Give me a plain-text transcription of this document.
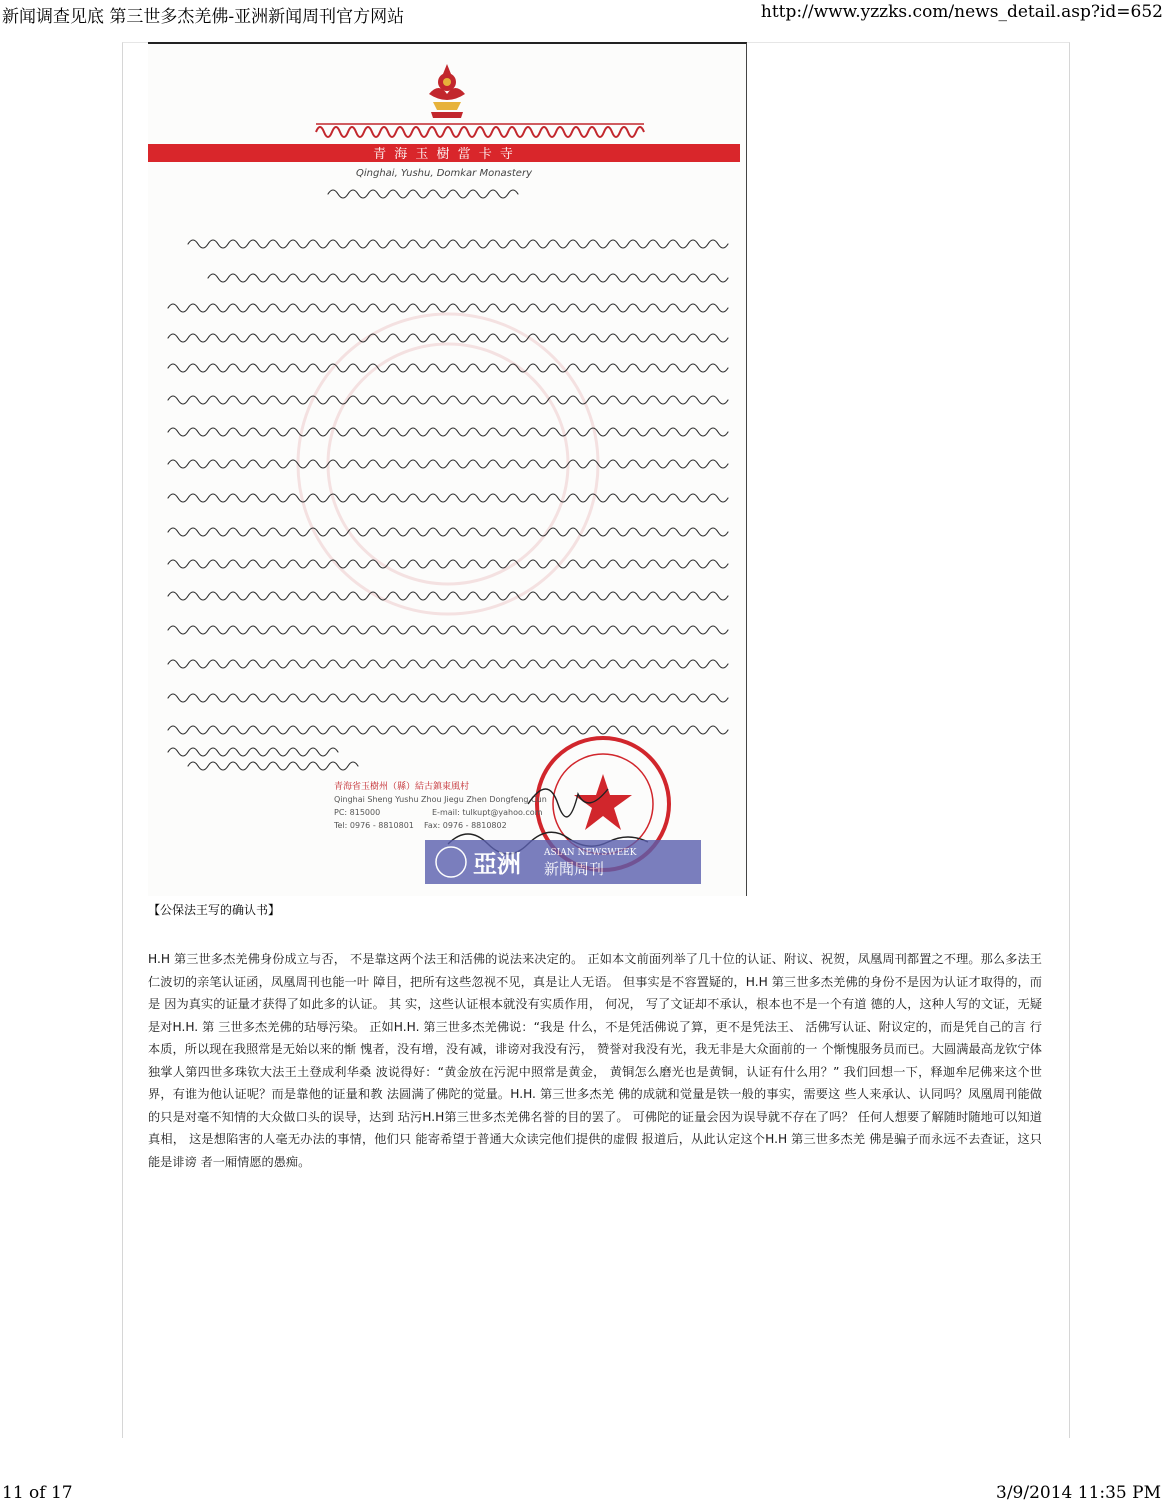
新闻调查见底 第三世多杰羌佛-亚洲新闻周刊官方网站	http://www.yzzks.com/news_detail.asp?id=652
青 海 玉 樹 當 卡 寺
Qinghai, Yushu, Domkar Monastery
青海省玉樹州（縣）結古鎮東風村
Qinghai Sheng Yushu Zhou Jiegu Zhen Dongfeng Cun
PC: 815000	E-mail: tulkupt@yahoo.com
Tel: 0976 - 8810801 Fax: 0976 - 8810802
亞洲	ASIAN NEWSWEEK
新聞周刊
【公保法王写的确认书】
H.H 第三世多杰羌佛身份成立与否， 不是靠这两个法王和活佛的说法来决定的。 正如本文前面列举了几十位的认证、附议、祝贺，凤凰周刊都置之不理。那么多法王 仁波切的亲笔认证函，凤凰周刊也能一叶 障目，把所有这些忽视不见，真是让人无语。 但事实是不容置疑的，H.H 第三世多杰羌佛的身份不是因为认证才取得的，而是 因为真实的证量才获得了如此多的认证。 其 实，这些认证根本就没有实质作用， 何况， 写了文证却不承认，根本也不是一个有道 德的人，这种人写的文证，无疑是对H.H. 第 三世多杰羌佛的玷辱污染。 正如H.H. 第三世多杰羌佛说：“我是 什么，不是凭活佛说了算，更不是凭法王、 活佛写认证、附议定的，而是凭自己的言 行本质，所以现在我照常是无始以来的惭 愧者，没有增，没有减，诽谤对我没有污， 赞誉对我没有光，我无非是大众面前的一 个惭愧服务员而已。大圆满最高龙钦宁体 独掌人第四世多珠钦大法王土登成利华桑 波说得好：“黄金放在污泥中照常是黄金， 黄铜怎么磨光也是黄铜，认证有什么用？” 我们回想一下，释迦牟尼佛来这个世 界，有谁为他认证呢？而是靠他的证量和教 法圆满了佛陀的觉量。H.H. 第三世多杰羌 佛的成就和觉量是铁一般的事实，需要这 些人来承认、认同吗？凤凰周刊能做的只是对毫不知情的大众做口头的误导，达到 玷污H.H第三世多杰羌佛名誉的目的罢了。 可佛陀的证量会因为误导就不存在了吗？ 任何人想要了解随时随地可以知道真相， 这是想陷害的人毫无办法的事情，他们只 能寄希望于普通大众读完他们提供的虚假 报道后，从此认定这个H.H 第三世多杰羌 佛是骗子而永远不去查证，这只能是诽谤 者一厢情愿的愚痴。
11 of 17	3/9/2014 11:35 PM
